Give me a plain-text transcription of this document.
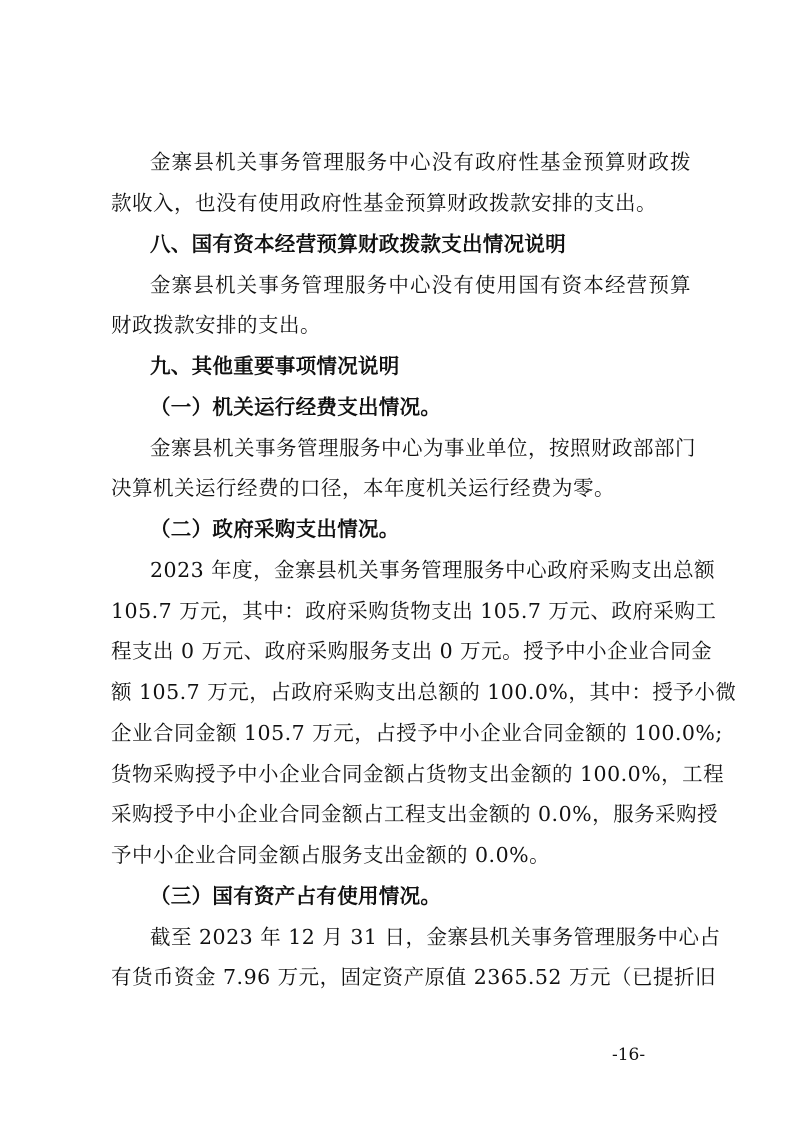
金寨县机关事务管理服务中心没有政府性基金预算财政拨
款收入，也没有使用政府性基金预算财政拨款安排的支出。
八、国有资本经营预算财政拨款支出情况说明
金寨县机关事务管理服务中心没有使用国有资本经营预算
财政拨款安排的支出。
九、其他重要事项情况说明
（一）机关运行经费支出情况。
金寨县机关事务管理服务中心为事业单位，按照财政部部门
决算机关运行经费的口径，本年度机关运行经费为零。
（二）政府采购支出情况。
2023 年度，金寨县机关事务管理服务中心政府采购支出总额
105.7 万元，其中：政府采购货物支出 105.7 万元、政府采购工
程支出 0 万元、政府采购服务支出 0 万元。授予中小企业合同金
额 105.7 万元，占政府采购支出总额的 100.0%，其中：授予小微
企业合同金额 105.7 万元，占授予中小企业合同金额的 100.0%;
货物采购授予中小企业合同金额占货物支出金额的 100.0%，工程
采购授予中小企业合同金额占工程支出金额的 0.0%，服务采购授
予中小企业合同金额占服务支出金额的 0.0%。
（三）国有资产占有使用情况。
截至 2023 年 12 月 31 日，金寨县机关事务管理服务中心占
有货币资金 7.96 万元，固定资产原值 2365.52 万元（已提折旧
-16-
